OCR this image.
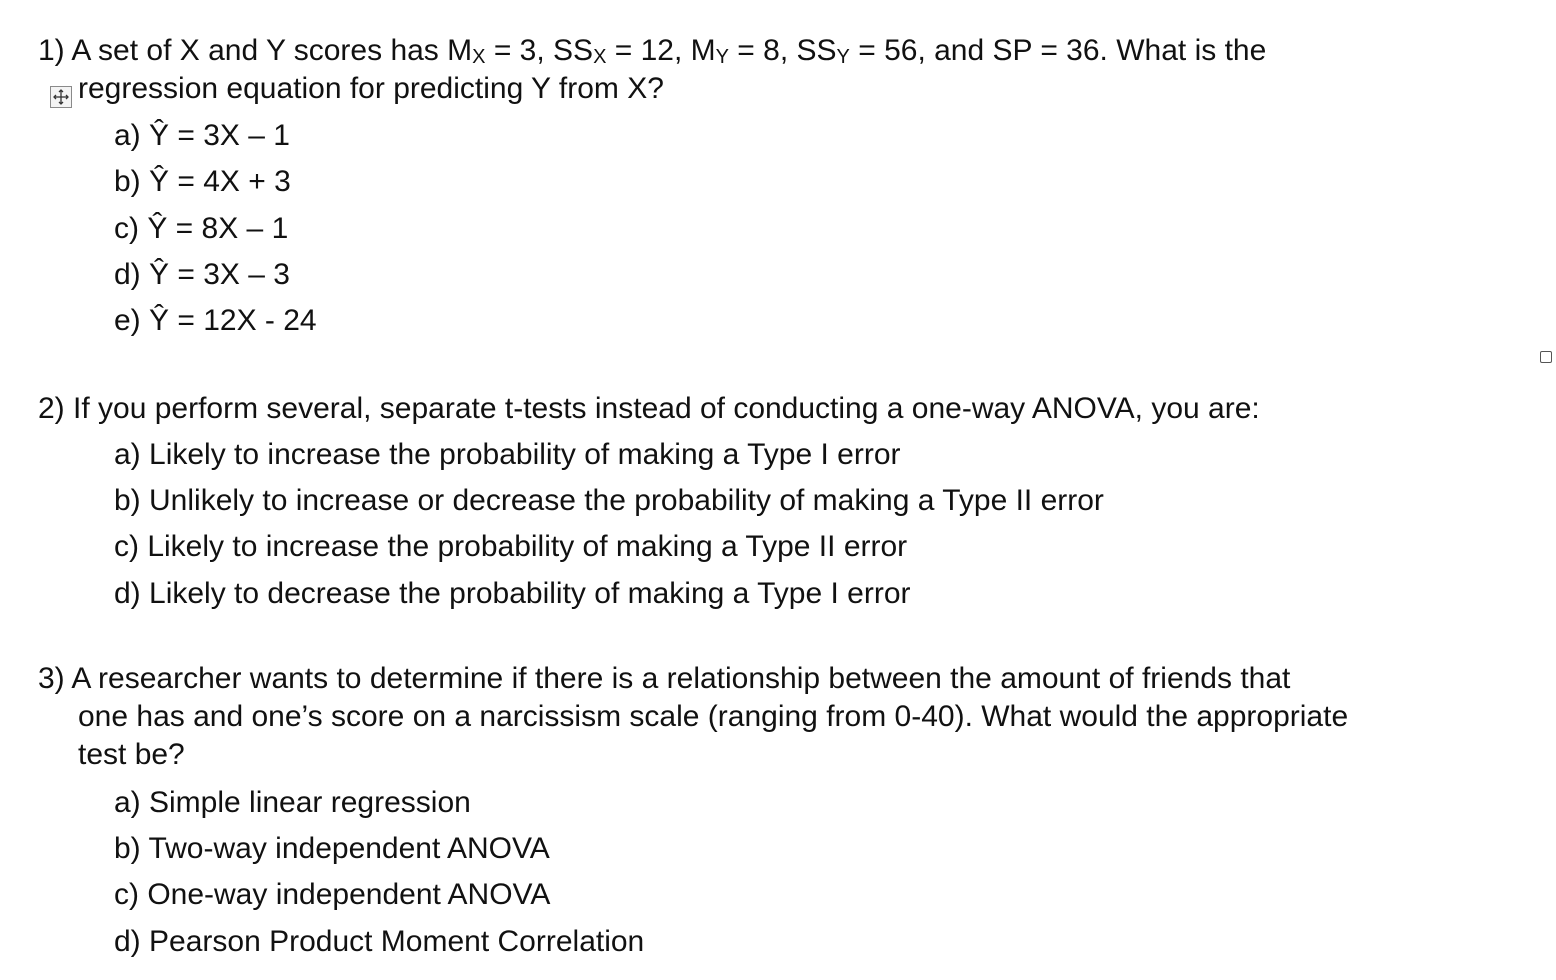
1) A set of X and Y scores has MX = 3, SSX = 12, MY = 8, SSY = 56, and SP = 36. What is the
regression equation for predicting Y from X?
a) Ŷ = 3X – 1
b) Ŷ = 4X + 3
c) Ŷ = 8X – 1
d) Ŷ = 3X – 3
e) Ŷ = 12X - 24
2) If you perform several, separate t-tests instead of conducting a one-way ANOVA, you are:
a) Likely to increase the probability of making a Type I error
b) Unlikely to increase or decrease the probability of making a Type II error
c) Likely to increase the probability of making a Type II error
d) Likely to decrease the probability of making a Type I error
3) A researcher wants to determine if there is a relationship between the amount of friends that
one has and one’s score on a narcissism scale (ranging from 0-40). What would the appropriate
test be?
a) Simple linear regression
b) Two-way independent ANOVA
c) One-way independent ANOVA
d) Pearson Product Moment Correlation
